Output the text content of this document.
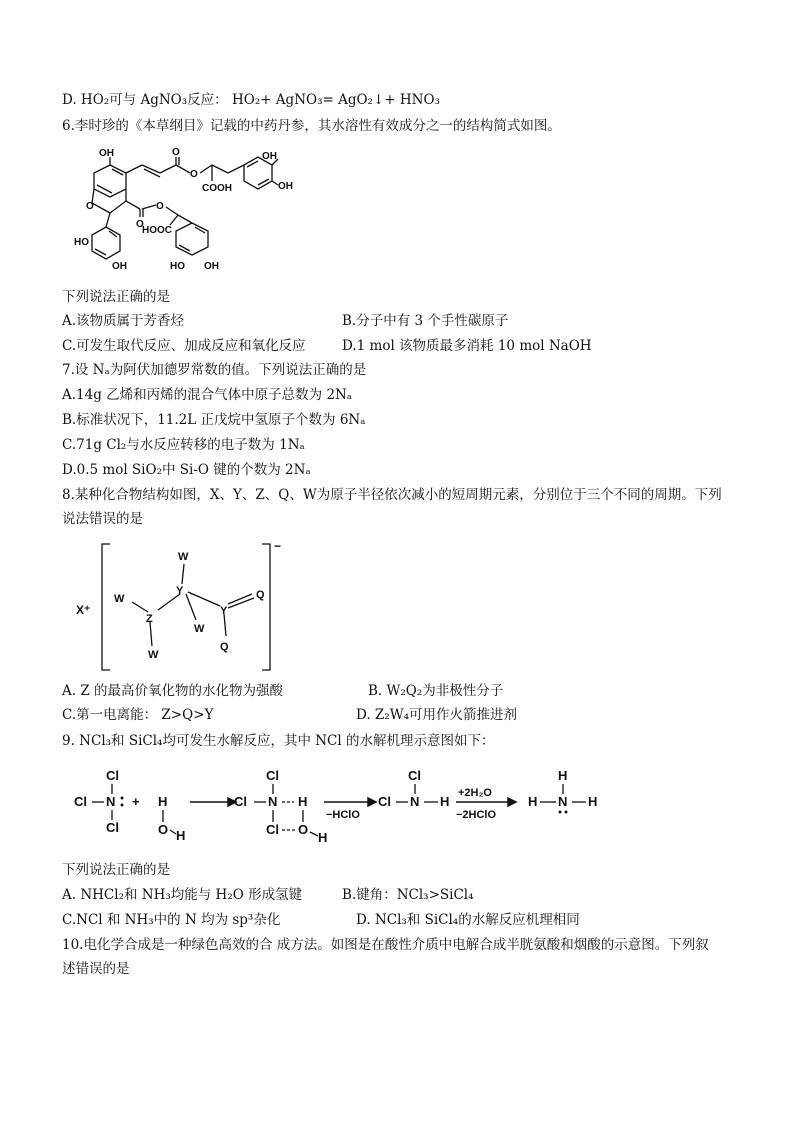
D. HO₂可与 AgNO₃反应： HO₂+ AgNO₃= AgO₂↓+ HNO₃
6.李时珍的《本草纲目》记载的中药丹参，其水溶性有效成分之一的结构简式如图。
OH
O
O
O
COOH
OH
OH
O
O
HOOC
HO
OH	HO OH
下列说法正确的是
A.该物质属于芳香烃	B.分子中有 3 个手性碳原子
C.可发生取代反应、加成反应和氧化反应	D.1 mol 该物质最多消耗 10 mol NaOH
7.设 Nₐ为阿伏加德罗常数的值。下列说法正确的是
A.14g 乙烯和丙烯的混合气体中原子总数为 2Nₐ
B.标准状况下，11.2L 正戊烷中氢原子个数为 6Nₐ
C.71g Cl₂与水反应转移的电子数为 1Nₐ
D.0.5 mol SiO₂中 Si-O 键的个数为 2Nₐ
8.某种化合物结构如图，X、Y、Z、Q、W为原子半径依次减小的短周期元素，分别位于三个不同的周期。下列
说法错误的是
X⁺
−
W
Y
W
Z
W
W
Y
Q
Q
A. Z 的最高价氧化物的水化物为强酸	B. W₂Q₂为非极性分子
C.第一电离能： Z>Q>Y	D. Z₂W₄可用作火箭推进剂
9. NCl₃和 SiCl₄均可发生水解反应，其中 NCl 的水解机理示意图如下：
Cl
Cl N
Cl
+ H
O H
Cl
Cl N H
Cl O
H
−HClO
Cl
Cl N H
+2H₂O
−2HClO
H
H N H
下列说法正确的是
A. NHCl₂和 NH₃均能与 H₂O 形成氢键	B.键角：NCl₃>SiCl₄
C.NCl 和 NH₃中的 N 均为 sp³杂化	D. NCl₃和 SiCl₄的水解反应机理相同
10.电化学合成是一种绿色高效的合 成方法。如图是在酸性介质中电解合成半胱氨酸和烟酸的示意图。下列叙
述错误的是
